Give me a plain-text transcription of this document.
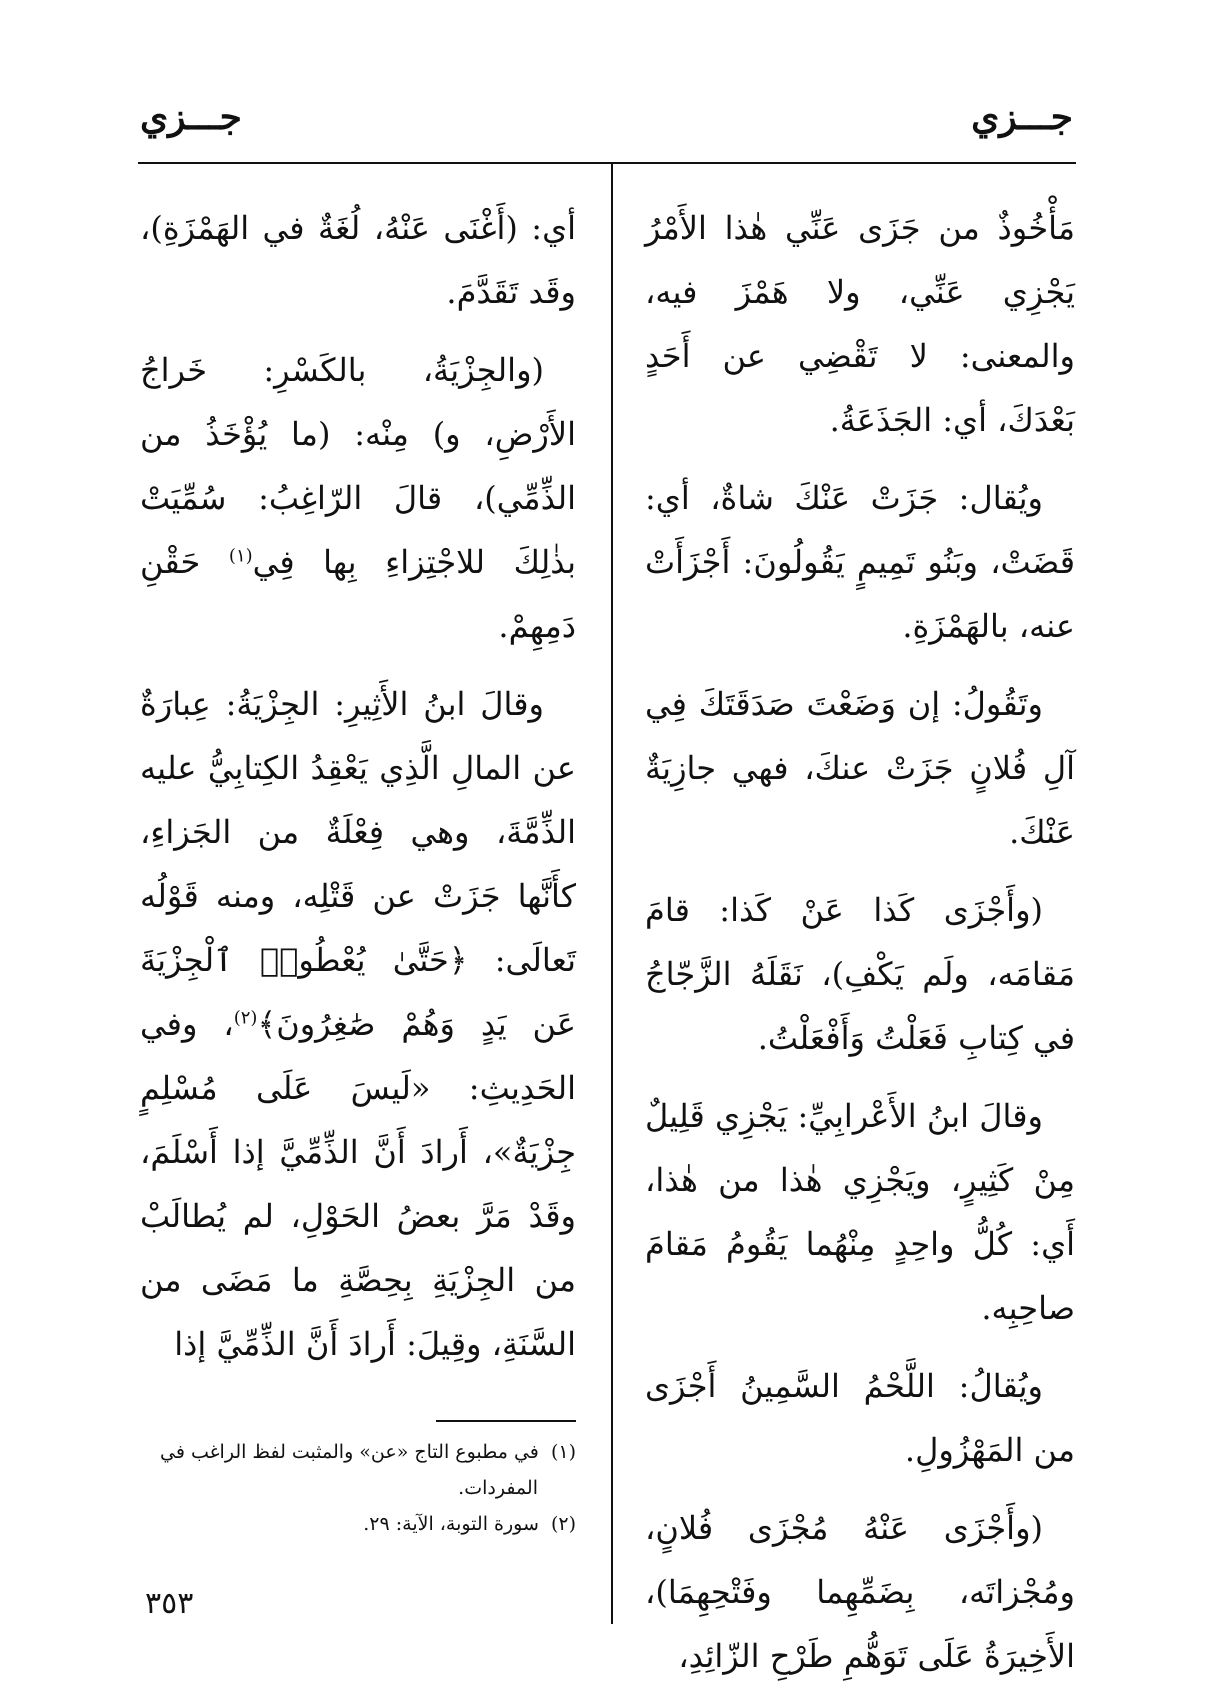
جـــزي
جـــزي

مَأْخُوذٌ من جَزَى عَنِّي هٰذا الأَمْرُ يَجْزِي عَنِّي، ولا هَمْزَ فيه، والمعنى: لا تَقْضِي عن أَحَدٍ بَعْدَكَ، أي: الجَذَعَةُ.

ويُقال: جَزَتْ عَنْكَ شاةٌ، أي: قَضَتْ، وبَنُو تَمِيمٍ يَقُولُونَ: أَجْزَأَتْ عنه، بالهَمْزَةِ.

وتَقُولُ: إن وَضَعْتَ صَدَقَتَكَ فِي آلِ فُلانٍ جَزَتْ عنكَ، فهي جازِيَةٌ عَنْكَ.

(وأَجْزَى كَذا عَنْ كَذا: قامَ مَقامَه، ولَم يَكْفِ)، نَقَلَهُ الزَّجّاجُ في كِتابِ فَعَلْتُ وَأَفْعَلْتُ.

وقالَ ابنُ الأَعْرابِيِّ: يَجْزِي قَلِيلٌ مِنْ كَثِيرٍ، ويَجْزِي هٰذا من هٰذا، أَي: كُلُّ واحِدٍ مِنْهُما يَقُومُ مَقامَ صاحِبِه.

ويُقالُ: اللَّحْمُ السَّمِينُ أَجْزَى من المَهْزُولِ.

(وأَجْزَى عَنْهُ مُجْزَى فُلانٍ، ومُجْزاتَه، بِضَمِّهِما وفَتْحِهِمَا)، الأَخِيرَةُ عَلَى تَوَهُّمِ طَرْحِ الزّائِدِ،

أي: (أَغْنَى عَنْهُ، لُغَةٌ في الهَمْزَةِ)، وقَد تَقَدَّمَ.

(والجِزْيَةُ، بالكَسْرِ: خَراجُ الأَرْضِ، و) مِنْه: (ما يُؤْخَذُ من الذِّمِّي)، قالَ الرّاغِبُ: سُمِّيَتْ بذٰلِكَ للاجْتِزاءِ بِها فِي$^{(١)}$ حَقْنِ دَمِهِمْ.

وقالَ ابنُ الأَثِيرِ: الجِزْيَةُ: عِبارَةٌ عن المالِ الَّذِي يَعْقِدُ الكِتابِيُّ عليه الذِّمَّةَ، وهي فِعْلَةٌ من الجَزاءِ، كأَنَّها جَزَتْ عن قَتْلِه، ومنه قَوْلُه تَعالَى: ﴿حَتَّىٰ يُعْطُوا۟ ٱلْجِزْيَةَ عَن يَدٍ وَهُمْ صَٰغِرُونَ﴾$^{(٢)}$، وفي الحَدِيثِ: «لَيسَ عَلَى مُسْلِمٍ جِزْيَةٌ»، أَرادَ أَنَّ الذِّمِّيَّ إذا أَسْلَمَ، وقَدْ مَرَّ بعضُ الحَوْلِ، لم يُطالَبْ من الجِزْيَةِ بِحِصَّةِ ما مَضَى من السَّنَةِ، وقِيلَ: أَرادَ أَنَّ الذِّمِّيَّ إذا

(١) في مطبوع التاج «عن» والمثبت لفظ الراغب في
المفردات.

(٢) سورة التوبة، الآية: ٢٩.

٣٥٣
